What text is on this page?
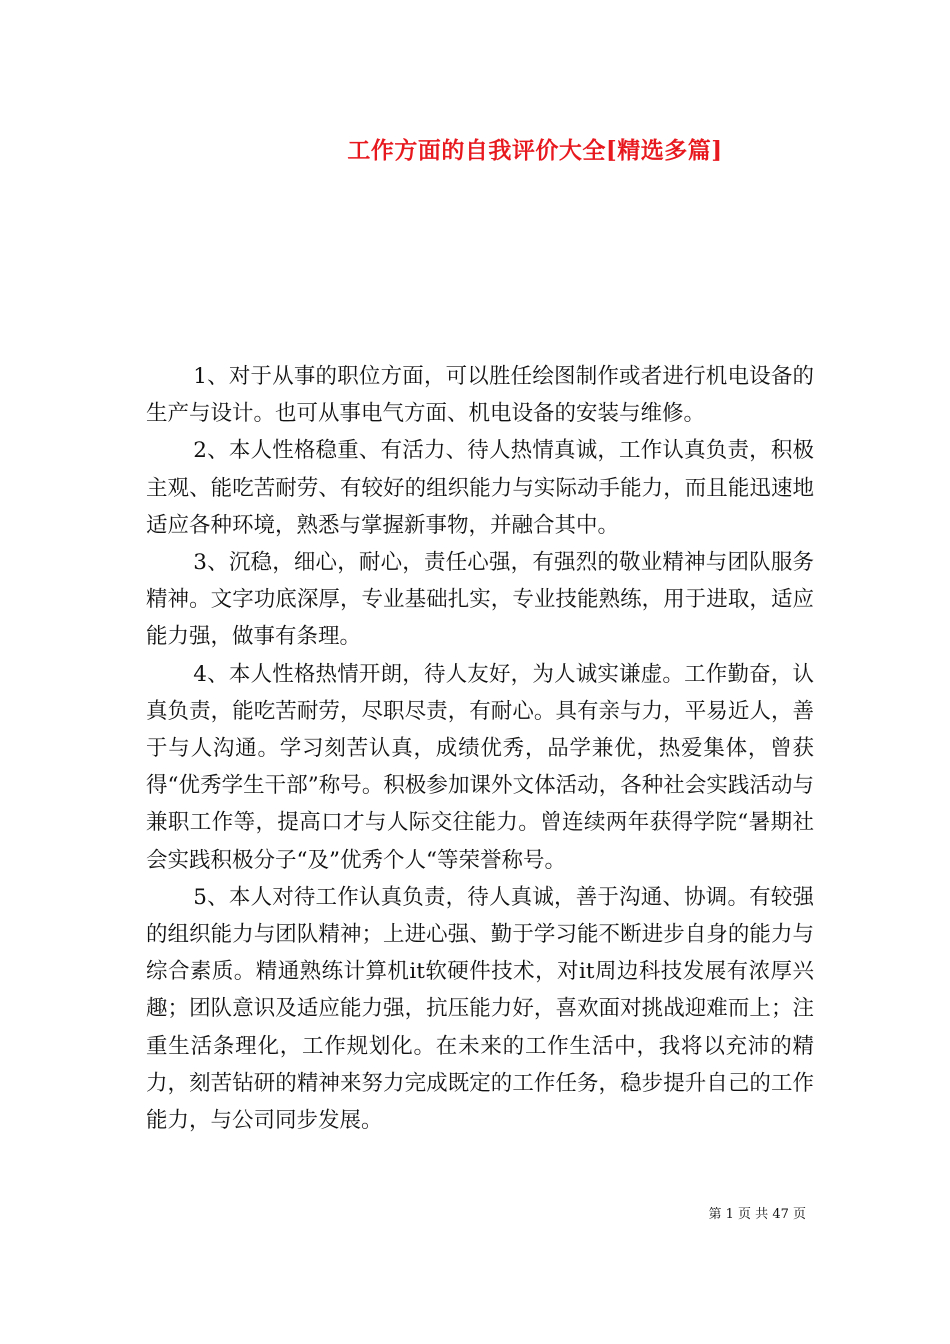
工作方面的自我评价大全[精选多篇]

1、对于从事的职位方面，可以胜任绘图制作或者进行机电设备的生产与设计。也可从事电气方面、机电设备的安装与维修。

2、本人性格稳重、有活力、待人热情真诚，工作认真负责，积极主观、能吃苦耐劳、有较好的组织能力与实际动手能力，而且能迅速地适应各种环境，熟悉与掌握新事物，并融合其中。

3、沉稳，细心，耐心，责任心强，有强烈的敬业精神与团队服务精神。文字功底深厚，专业基础扎实，专业技能熟练，用于进取，适应能力强，做事有条理。

4、本人性格热情开朗，待人友好，为人诚实谦虚。工作勤奋，认真负责，能吃苦耐劳，尽职尽责，有耐心。具有亲与力，平易近人，善于与人沟通。学习刻苦认真，成绩优秀，品学兼优，热爱集体，曾获得“优秀学生干部”称号。积极参加课外文体活动，各种社会实践活动与兼职工作等，提高口才与人际交往能力。曾连续两年获得学院“暑期社会实践积极分子“及”优秀个人“等荣誉称号。

5、本人对待工作认真负责，待人真诚，善于沟通、协调。有较强的组织能力与团队精神；上进心强、勤于学习能不断进步自身的能力与综合素质。精通熟练计算机it软硬件技术，对it周边科技发展有浓厚兴趣；团队意识及适应能力强，抗压能力好，喜欢面对挑战迎难而上；注重生活条理化，工作规划化。在未来的工作生活中，我将以充沛的精力，刻苦钻研的精神来努力完成既定的工作任务，稳步提升自己的工作能力，与公司同步发展。

第 1 页 共 47 页
